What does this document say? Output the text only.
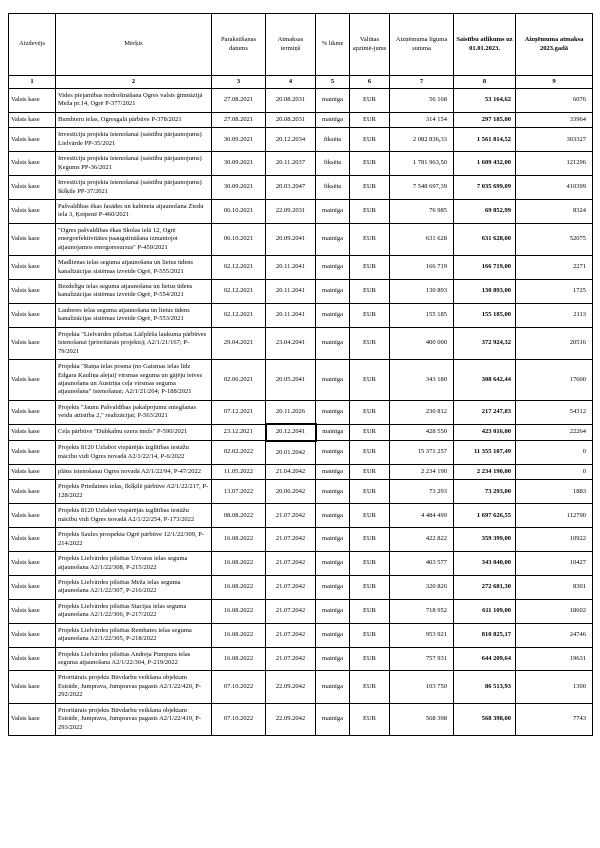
Aizdevējs	Mērķis	Parakstīšanas datums	Atmaksas termiņš	% likme	Valūtas apzīmē-jums	Aizņēmuma līguma summa	Saistību atlikums uz 01.01.2023.	Aizņēmuma atmaksa 2023.gadā
1	2	3	4	5	6	7	8	9
Valsts kase	Vides piejamības nodrošināšana Ogres valsts ģimnāzijā Meža pr.14, Ogrē P-377/2021	27.08.2021	20.08.2031	mainīga	EUR	56 168	53 164,62	6076
Valsts kase	Bumbieru ielas, Ogresgalā pārbūve P-378/2021	27.08.2021	20.08.2031	mainīga	EUR	314 154	297 185,00	33964
Valsts kase	Investīciju projekta īstenošanai (saistību pārjaunojums) Lielvārde PP-35/2021	30.09.2021	20.12.2034	fiksēta	EUR	2 082 836,33	1 561 814,52	303327
Valsts kase	Investīciju projekta īstenošanai (saistību pārjaunojums) Ķegums PP-36/2021	30.09.2021	20.11.2037	fiksēta	EUR	1 781 963,50	1 609 432,00	121296
Valsts kase	Investīciju projekta īstenošanai (saistību pārjaunojums) Ikšķile PP-37/2021	30.09.2021	20.03.2047	fiksēta	EUR	7 548 697,39	7 035 699,09	410399
Valsts kase	Pašvaldības ēkas fasādes un kabineta atjaunošana Ziedu iela 3, Ķeipenē P-460/2021	06.10.2021	22.09.2031	mainīga	EUR	76 985	69 852,99	8324
Valsts kase	"Ogres pašvaldības ēkas Skolas ielā 12, Ogrē energoefektivitātes paaugstināšana izmantojot atjaunojamos energoresursus" P-459/2021	06.10.2021	20.09.2041	mainīga	EUR	631 628	631 628,00	52075
Valsts kase	Madlienas ielas seguma atjaunošana un lietus ūdens kanalizācijas sistēmas izveide Ogrē, P-555/2021	02.12.2021	20.11.2041	mainīga	EUR	166 719	166 719,00	2271
Valsts kase	Bezdelīgu ielas seguma atjaunošana un lietus ūdens kanalizācijas sistēmas izveide Ogrē, P-554/2021	02.12.2021	20.11.2041	mainīga	EUR	130 893	130 893,00	1725
Valsts kase	Lauberes ielas seguma atjaunošana un lietus ūdens kanalizācijas sistēmas izveide Ogrē, P-553/2021	02.12.2021	20.11.2041	mainīga	EUR	155 185	155 185,00	2113
Valsts kase	Projekta "Lielvārdes pilsētas Lāčplēša laukuma pārbūves īstenošanai (prioritārais projekts); A2/1/21/167; P-79/2021	29.04.2021	23.04.2041	mainīga	EUR	400 000	372 924,32	20516
Valsts kase	Projekta "Raiņa ielas posma (no Gaismas ielas līdz Edgara Kauliņa alejai) virsmas seguma un gājēju ietves atjaunošana un Austriņa ceļa virsmas seguma atjaunošana" īstenošanai; A2/1/21/264; P-188/2021	02.06.2021	20.05.2041	mainīga	EUR	343 180	308 642,44	17600
Valsts kase	Projekts "Jaunu Pašvaldības pakalpojumu sniegšanas veidu attīstība 2," realizācijai; P-563/2021	07.12.2021	20.11.2026	mainīga	EUR	230 812	217 247,83	54312
Valsts kase	Ceļa pārbūve "Dubkalnu ezera mežs" P-590/2021	23.12.2021	20.12.2041	mainīga	EUR	428 550	423 016,00	22264
Valsts kase	Projekts 8120 Uzlabot vispārējās izglītības iestāžu mācību vidi Ogres novadā A2/1/22/14, P-6/2022	02.02.2022	20.01.2042	mainīga	EUR	15 371 257	11 355 107,49	0
Valsts kase	plāns īstenošanai Ogres novadā A2/1/22/94, P-47/2022	11.05.2022	21.04.2042	mainīga	EUR	2 234 190	2 234 190,00	0
Valsts kase	Projekts Priedaines ielas, Ikšķilē pārbūve A2/1/22/217, P-128/2022	13.07.2022	20.06.2042	mainīga	EUR	73 293	73 293,00	1883
Valsts kase	Projekts 8120 Uzlabot vispārējās izglītības iestāžu mācību vidi Ogres novadā A2/1/22/254, P-173/2022	08.08.2022	21.07.2042	mainīga	EUR	4 484 499	1 697 626,55	112790
Valsts kase	Projekts Saules prospekta Ogrē pārbūve 12/1/22/309, P-214/2022	16.08.2022	21.07.2042	mainīga	EUR	422 822	359 399,00	10922
Valsts kase	Projekts Lielvārdes pilsētas Uzvaras ielas seguma atjaunošana A2/1/22/308, P-215/2022	16.08.2022	21.07.2042	mainīga	EUR	403 577	343 040,00	10427
Valsts kase	Projekts Lielvārdes pilsētas Meža ielas seguma atjaunošana A2/1/22/307, P-216/2022	16.08.2022	21.07.2042	mainīga	EUR	320 826	272 681,30	8301
Valsts kase	Projekts Lielvārdes pilsētas Stacijas ielas seguma atjaunošana A2/1/22/306, P-217/2022	16.08.2022	21.07.2042	mainīga	EUR	718 952	611 109,00	18602
Valsts kase	Projekts Lielvārdes pilsētas Rembates ielas seguma atjaunošana A2/1/22/305, P-218/2022	16.08.2022	21.07.2042	mainīga	EUR	953 921	810 825,17	24746
Valsts kase	Projekts Lielvārdes pilsētas Andreja Pumpura ielas seguma atjaunošana A2/1/22/304, P-219/2022	16.08.2022	21.07.2042	mainīga	EUR	757 931	644 209,64	19631
Valsts kase	Prioritārais projekts Būvdarbu veikšana objektam Estrāde, Jumprava, Jumpravas pagasts A2/1/22/420, P-292/2022	07.10.2022	22.09.2042	mainīga	EUR	103 750	86 513,93	1300
Valsts kase	Prioritārais projekts Būvdarbu veikšana objektam Estrāde, Jumprava, Jumpravas pagasts A2/1/22/419, P-293/2022	07.10.2022	22.09.2042	mainīga	EUR	568 398	568 398,00	7743
